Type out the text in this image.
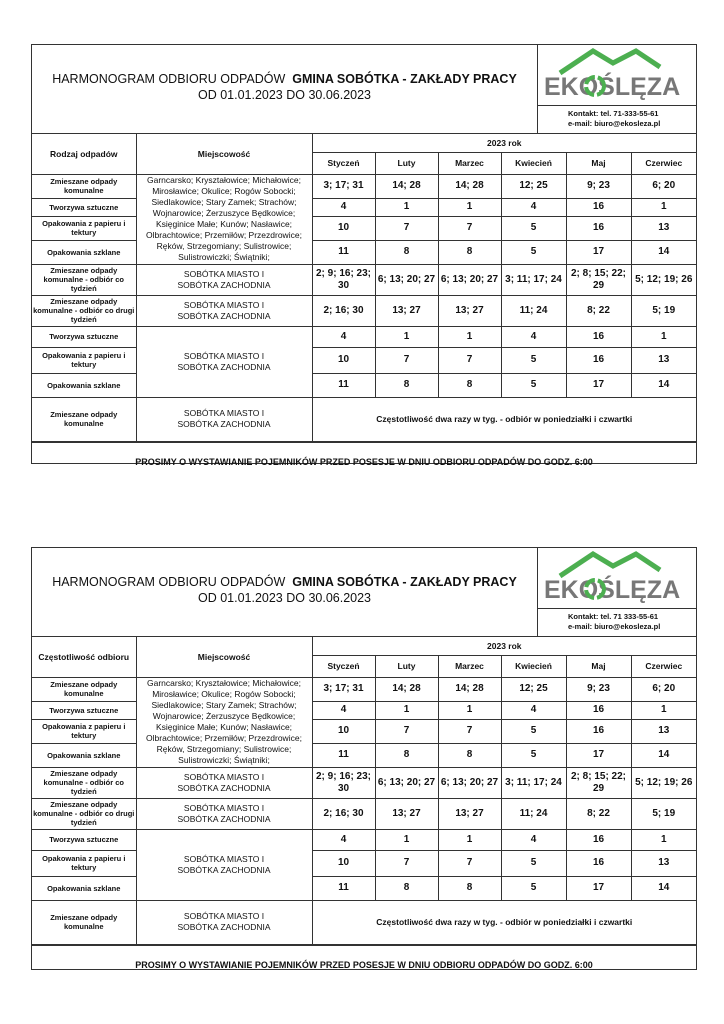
HARMONOGRAM ODBIORU ODPADÓW GMINA SOBÓTKA - ZAKŁADY PRACY
OD 01.01.2023 DO 30.06.2023	EKOŚLĘZA
Kontakt: tel. 71-333-55-61
e-mail: biuro@ekosleza.pl
Rodzaj odpadów	Miejscowość	2023 rok					
		Styczeń	Luty	Marzec	Kwiecień	Maj	Czerwiec
Zmieszane odpady komunalne	Garncarsko; Kryształowice; Michałowice; Mirosławice; Okulice; Rogów Sobocki; Siedlakowice; Stary Zamek; Strachów; Wojnarowice; Żerzuszyce Będkowice; Księginice Małe; Kunów; Nasławice; Olbrachtowice; Przemiłów; Przezdrowice; Ręków, Strzegomiany; Sulistrowice; Sulistrowiczki; Świątniki;	3; 17; 31	14; 28	14; 28	12; 25	9; 23	6; 20
Tworzywa sztuczne		4	1	1	4	16	1
Opakowania z papieru i tektury		10	7	7	5	16	13
Opakowania szklane		11	8	8	5	17	14
Zmieszane odpady komunalne - odbiór co tydzień	SOBÓTKA MIASTO I SOBÓTKA ZACHODNIA	2; 9; 16; 23; 30	6; 13; 20; 27	6; 13; 20; 27	3; 11; 17; 24	2; 8; 15; 22; 29	5; 12; 19; 26
Zmieszane odpady komunalne - odbiór co drugi tydzień	SOBÓTKA MIASTO I SOBÓTKA ZACHODNIA	2; 16; 30	13; 27	13; 27	11; 24	8; 22	5; 19
Tworzywa sztuczne	SOBÓTKA MIASTO I SOBÓTKA ZACHODNIA	4	1	1	4	16	1
Opakowania z papieru i tektury		10	7	7	5	16	13
Opakowania szklane		11	8	8	5	17	14
Zmieszane odpady komunalne	SOBÓTKA MIASTO I SOBÓTKA ZACHODNIA	Częstotliwość dwa razy w tyg. - odbiór w poniedziałki i czwartki					
PROSIMY O WYSTAWIANIE POJEMNIKÓW PRZED POSESJE W DNIU ODBIORU ODPADÓW DO GODZ. 6:00
HARMONOGRAM ODBIORU ODPADÓW GMINA SOBÓTKA - ZAKŁADY PRACY
OD 01.01.2023 DO 30.06.2023	EKOŚLĘZA
Kontakt: tel. 71 333-55-61
e-mail: biuro@ekosleza.pl
Częstotliwość odbioru	Miejscowość	2023 rok					
		Styczeń	Luty	Marzec	Kwiecień	Maj	Czerwiec
Zmieszane odpady komunalne	Garncarsko; Kryształowice; Michałowice; Mirosławice; Okulice; Rogów Sobocki; Siedlakowice; Stary Zamek; Strachów; Wojnarowice; Żerzuszyce Będkowice; Księginice Małe; Kunów; Nasławice; Olbrachtowice; Przemiłów; Przezdrowice; Ręków, Strzegomiany; Sulistrowice; Sulistrowiczki; Świątniki;	3; 17; 31	14; 28	14; 28	12; 25	9; 23	6; 20
Tworzywa sztuczne		4	1	1	4	16	1
Opakowania z papieru i tektury		10	7	7	5	16	13
Opakowania szklane		11	8	8	5	17	14
Zmieszane odpady komunalne - odbiór co tydzień	SOBÓTKA MIASTO I SOBÓTKA ZACHODNIA	2; 9; 16; 23; 30	6; 13; 20; 27	6; 13; 20; 27	3; 11; 17; 24	2; 8; 15; 22; 29	5; 12; 19; 26
Zmieszane odpady komunalne - odbiór co drugi tydzień	SOBÓTKA MIASTO I SOBÓTKA ZACHODNIA	2; 16; 30	13; 27	13; 27	11; 24	8; 22	5; 19
Tworzywa sztuczne	SOBÓTKA MIASTO I SOBÓTKA ZACHODNIA	4	1	1	4	16	1
Opakowania z papieru i tektury		10	7	7	5	16	13
Opakowania szklane		11	8	8	5	17	14
Zmieszane odpady komunalne	SOBÓTKA MIASTO I SOBÓTKA ZACHODNIA	Częstotliwość dwa razy w tyg. - odbiór w poniedziałki i czwartki					
PROSIMY O WYSTAWIANIE POJEMNIKÓW PRZED POSESJE W DNIU ODBIORU ODPADÓW DO GODZ. 6:00
